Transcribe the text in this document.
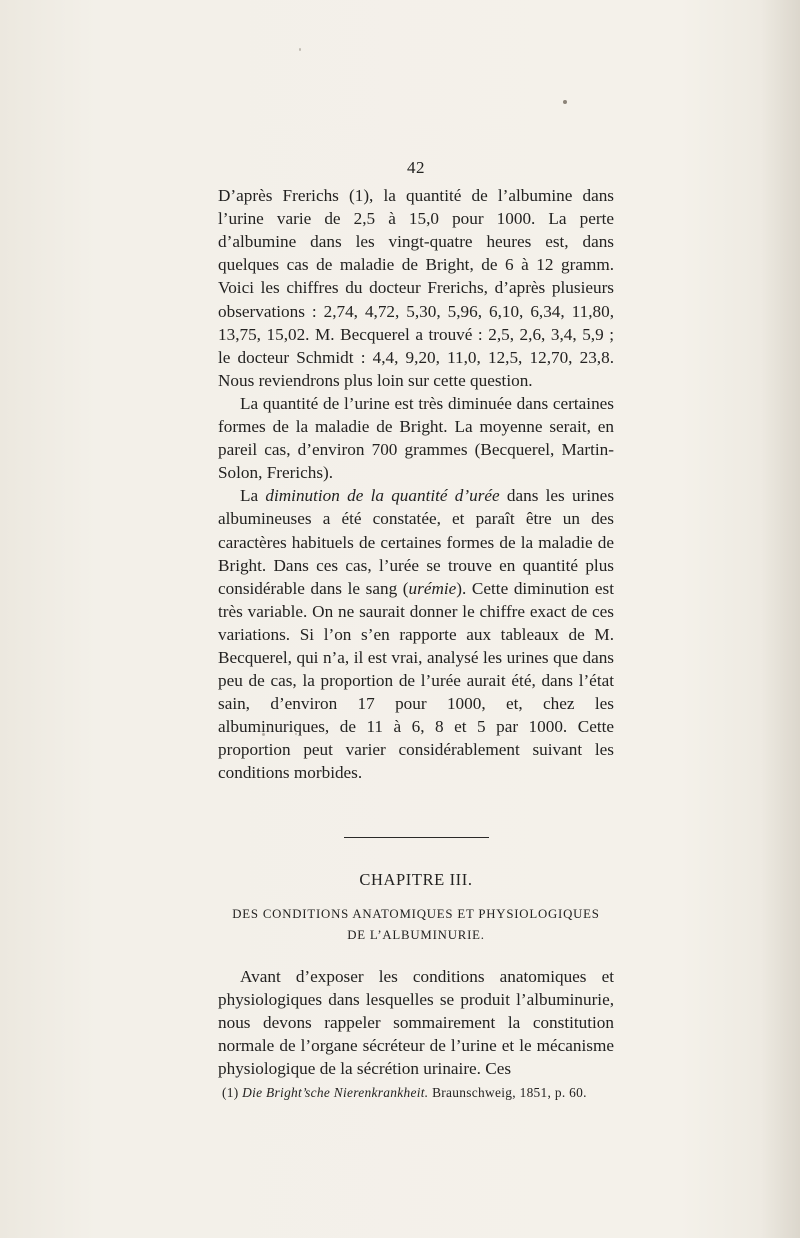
42

D’après Frerichs (1), la quantité de l’albumine dans l’urine varie de 2,5 à 15,0 pour 1000. La perte d’albumine dans les vingt-quatre heures est, dans quelques cas de maladie de Bright, de 6 à 12 gramm. Voici les chiffres du docteur Frerichs, d’après plusieurs observations : 2,74, 4,72, 5,30, 5,96, 6,10, 6,34, 11,80, 13,75, 15,02. M. Becquerel a trouvé : 2,5, 2,6, 3,4, 5,9 ; le docteur Schmidt : 4,4, 9,20, 11,0, 12,5, 12,70, 23,8. Nous reviendrons plus loin sur cette question.

La quantité de l’urine est très diminuée dans certaines formes de la maladie de Bright. La moyenne serait, en pareil cas, d’environ 700 grammes (Becquerel, Martin-Solon, Frerichs).

La diminution de la quantité d’urée dans les urines albumineuses a été constatée, et paraît être un des caractères habituels de certaines formes de la maladie de Bright. Dans ces cas, l’urée se trouve en quantité plus considérable dans le sang (urémie). Cette diminution est très variable. On ne saurait donner le chiffre exact de ces variations. Si l’on s’en rapporte aux tableaux de M. Becquerel, qui n’a, il est vrai, analysé les urines que dans peu de cas, la proportion de l’urée aurait été, dans l’état sain, d’environ 17 pour 1000, et, chez les albuminuriques, de 11 à 6, 8 et 5 par 1000. Cette proportion peut varier considérablement suivant les conditions morbides.

CHAPITRE III.
DES CONDITIONS ANATOMIQUES ET PHYSIOLOGIQUES
DE L’ALBUMINURIE.

Avant d’exposer les conditions anatomiques et physiologiques dans lesquelles se produit l’albuminurie, nous devons rappeler sommairement la constitution normale de l’organe sécréteur de l’urine et le mécanisme physiologique de la sécrétion urinaire. Ces

(1) Die Bright’sche Nierenkrankheit. Braunschweig, 1851, p. 60.
